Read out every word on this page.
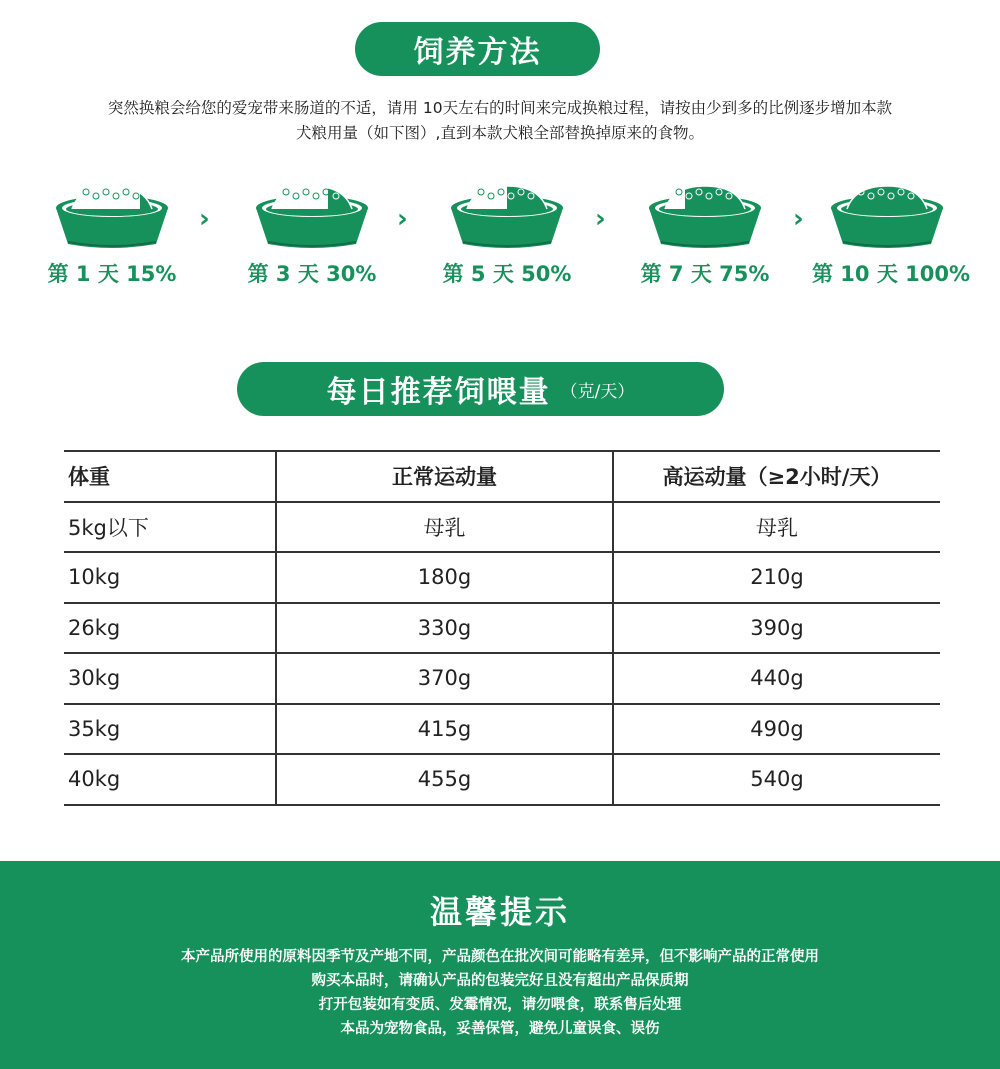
饲养方法
突然换粮会给您的爱宠带来肠道的不适，请用 10天左右的时间来完成换粮过程，请按由少到多的比例逐步增加本款
犬粮用量（如下图）,直到本款犬粮全部替换掉原来的食物。
第 1 天 15%
›
第 3 天 30%
›
第 5 天 50%
›
第 7 天 75%
›
第 10 天 100%
每日推荐饲喂量 （克/天）
体重	正常运动量	高运动量（≥2小时/天）
5kg以下	母乳	母乳
10kg	180g	210g
26kg	330g	390g
30kg	370g	440g
35kg	415g	490g
40kg	455g	540g
温馨提示
本产品所使用的原料因季节及产地不同，产品颜色在批次间可能略有差异，但不影响产品的正常使用
购买本品时，请确认产品的包装完好且没有超出产品保质期
打开包装如有变质、发霉情况，请勿喂食，联系售后处理
本品为宠物食品，妥善保管，避免儿童误食、误伤
